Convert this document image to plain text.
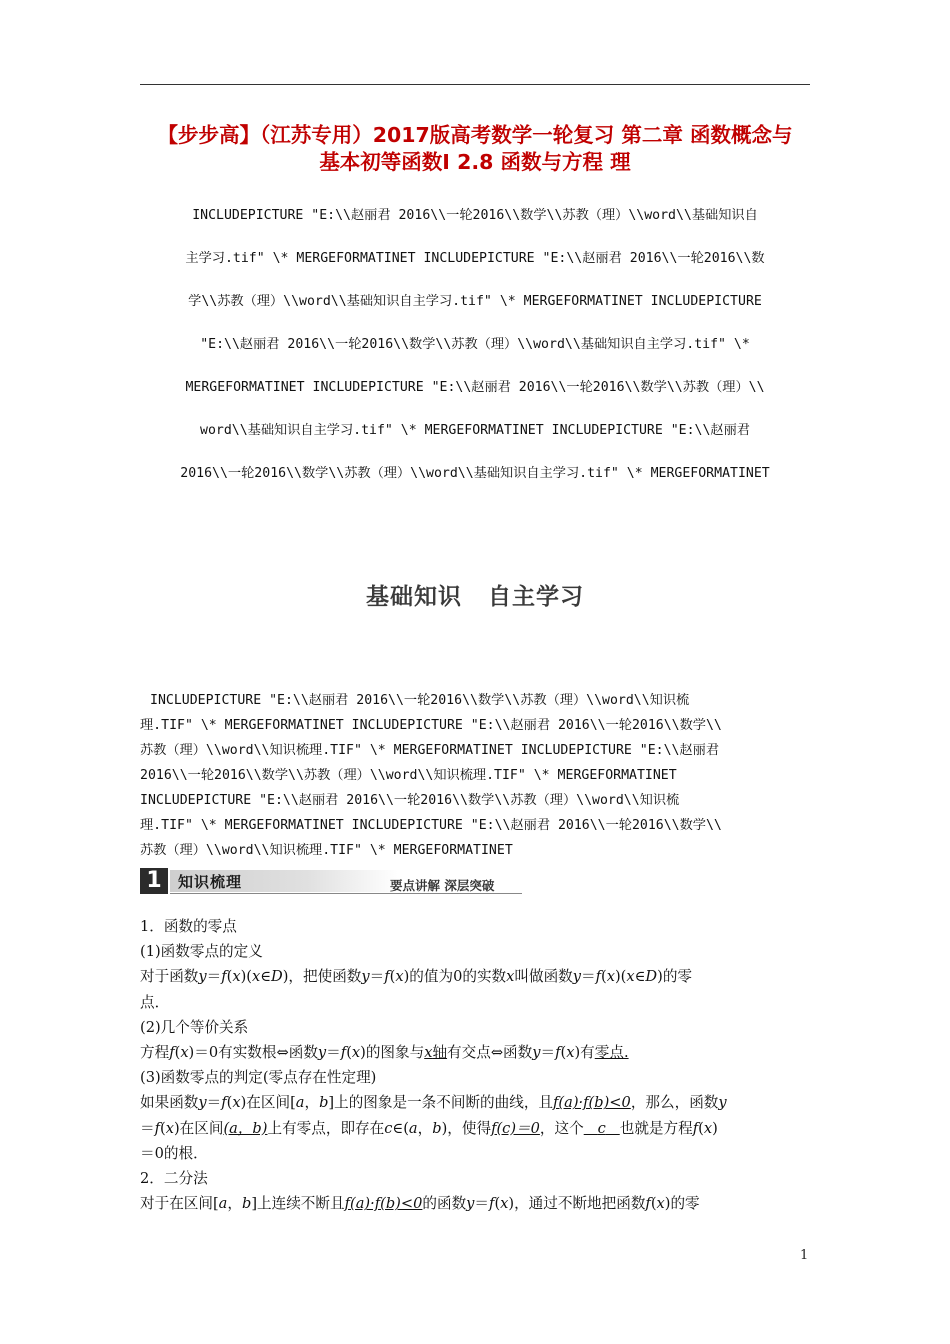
【步步高】（江苏专用）2017版高考数学一轮复习 第二章 函数概念与
基本初等函数Ⅰ 2.8 函数与方程 理
INCLUDEPICTURE "E:\\赵丽君 2016\\一轮2016\\数学\\苏教（理）\\word\\基础知识自
主学习.tif" \* MERGEFORMATINET INCLUDEPICTURE "E:\\赵丽君 2016\\一轮2016\\数
学\\苏教（理）\\word\\基础知识自主学习.tif" \* MERGEFORMATINET INCLUDEPICTURE
"E:\\赵丽君 2016\\一轮2016\\数学\\苏教（理）\\word\\基础知识自主学习.tif" \*
MERGEFORMATINET INCLUDEPICTURE "E:\\赵丽君 2016\\一轮2016\\数学\\苏教（理）\\
word\\基础知识自主学习.tif" \* MERGEFORMATINET INCLUDEPICTURE "E:\\赵丽君
2016\\一轮2016\\数学\\苏教（理）\\word\\基础知识自主学习.tif" \* MERGEFORMATINET
基础知识 自主学习
INCLUDEPICTURE "E:\\赵丽君 2016\\一轮2016\\数学\\苏教（理）\\word\\知识梳
理.TIF" \* MERGEFORMATINET INCLUDEPICTURE "E:\\赵丽君 2016\\一轮2016\\数学\\
苏教（理）\\word\\知识梳理.TIF" \* MERGEFORMATINET INCLUDEPICTURE "E:\\赵丽君
2016\\一轮2016\\数学\\苏教（理）\\word\\知识梳理.TIF" \* MERGEFORMATINET
INCLUDEPICTURE "E:\\赵丽君 2016\\一轮2016\\数学\\苏教（理）\\word\\知识梳
理.TIF" \* MERGEFORMATINET INCLUDEPICTURE "E:\\赵丽君 2016\\一轮2016\\数学\\
苏教（理）\\word\\知识梳理.TIF" \* MERGEFORMATINET
1	知识梳理	要点讲解 深层突破

1．函数的零点

(1)函数零点的定义

对于函数y＝f(x)(x∈D)，把使函数y＝f(x)的值为0的实数x叫做函数y＝f(x)(x∈D)的零

点．

(2)几个等价关系

方程f(x)＝0有实数根⇔函数y＝f(x)的图象与x轴有交点⇔函数y＝f(x)有零点.

(3)函数零点的判定(零点存在性定理)

如果函数y＝f(x)在区间[a，b]上的图象是一条不间断的曲线，且f(a)·f(b)<0，那么，函数y

＝f(x)在区间(a，b)上有零点，即存在c∈(a，b)，使得f(c)＝0，这个 c 也就是方程f(x)

＝0的根．

2．二分法

对于在区间[a，b]上连续不断且f(a)·f(b)<0的函数y＝f(x)，通过不断地把函数f(x)的零

1
